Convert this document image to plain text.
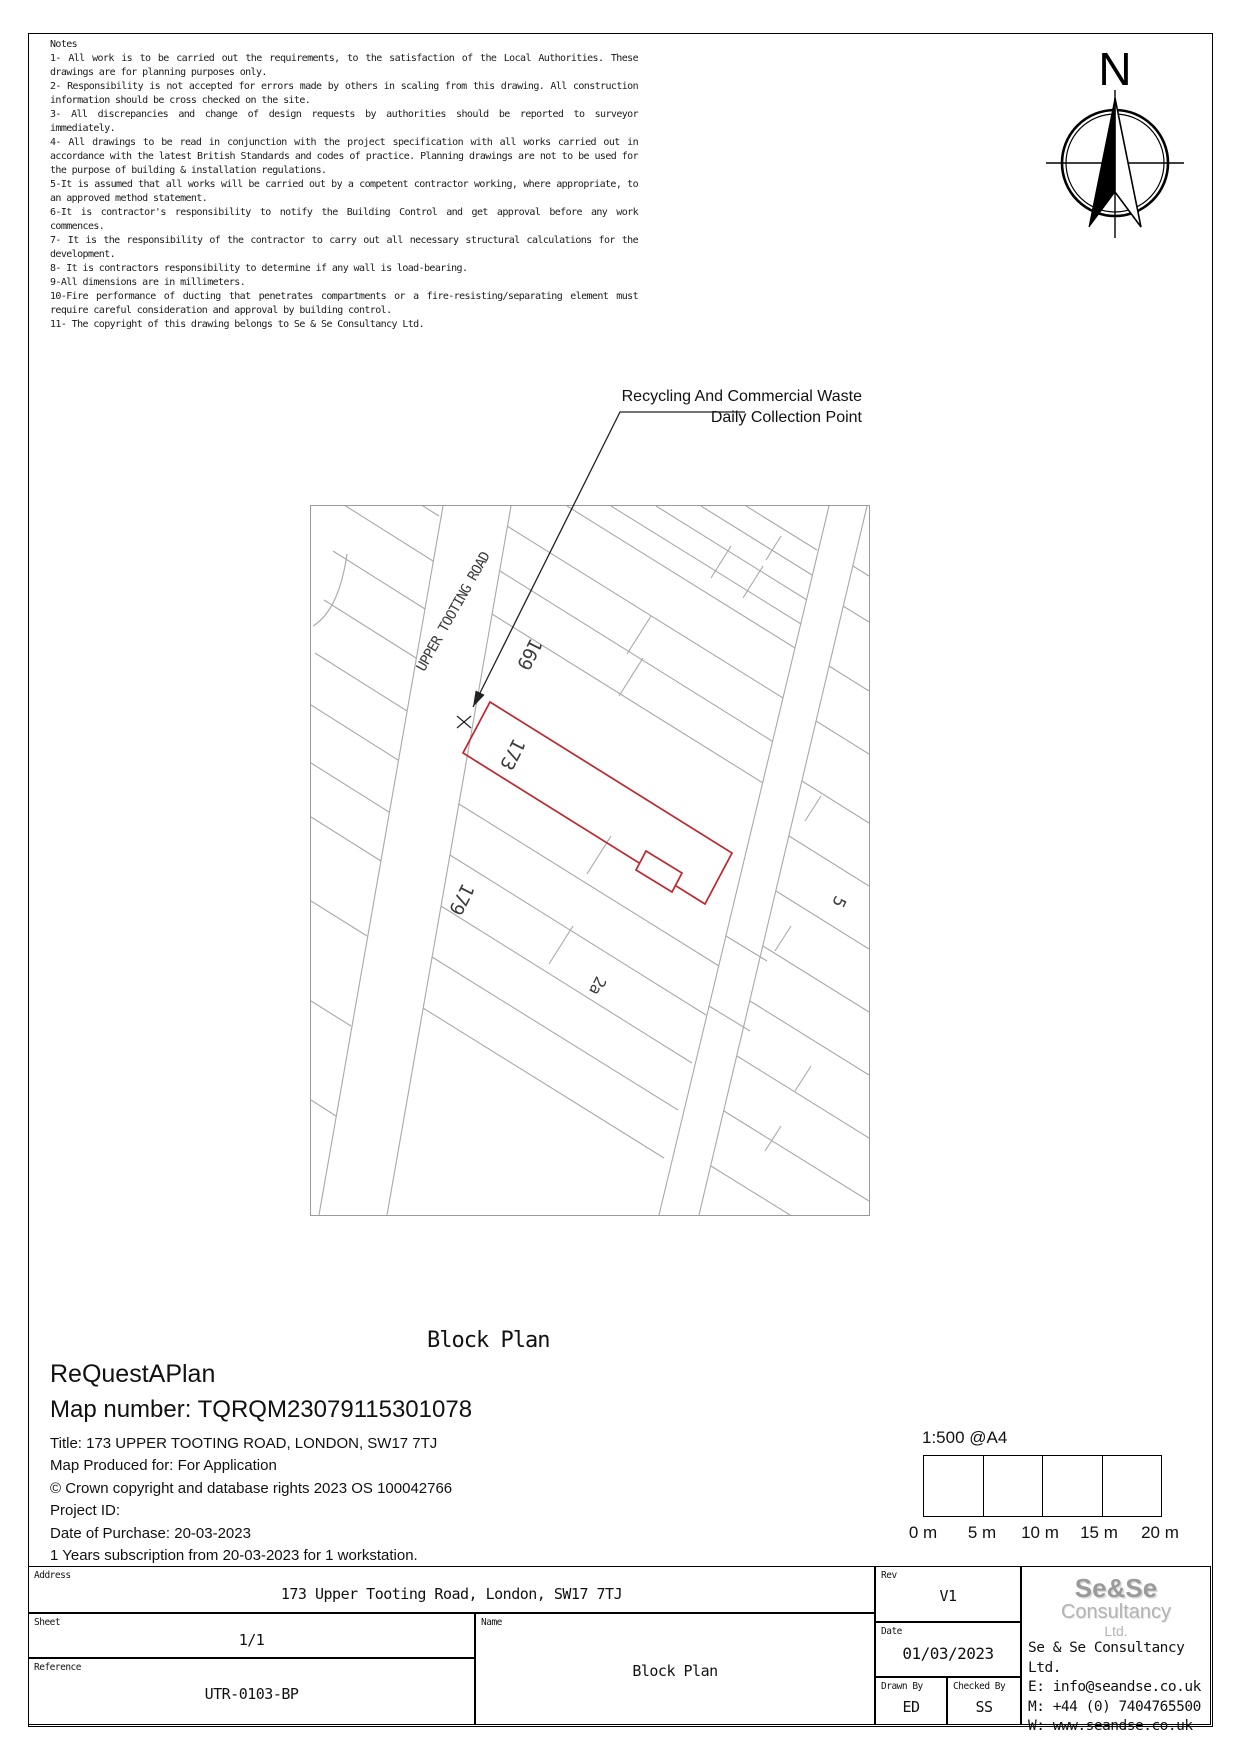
Notes
1- All work is to be carried out the requirements, to the satisfaction of the Local Authorities. These drawings are for planning purposes only.
2- Responsibility is not accepted for errors made by others in scaling from this drawing. All construction information should be cross checked on the site.
3- All discrepancies and change of design requests by authorities should be reported to surveyor immediately.
4- All drawings to be read in conjunction with the project specification with all works carried out in accordance with the latest British Standards and codes of practice. Planning drawings are not to be used for the purpose of building & installation regulations.
5-It is assumed that all works will be carried out by a competent contractor working, where appropriate, to an approved method statement.
6-It is contractor's responsibility to notify the Building Control and get approval before any work commences.
7- It is the responsibility of the contractor to carry out all necessary structural calculations for the development.
8- It is contractors responsibility to determine if any wall is load-bearing.
9-All dimensions are in millimeters.
10-Fire performance of ducting that penetrates compartments or a fire-resisting/separating element must require careful consideration and approval by building control.
11- The copyright of this drawing belongs to Se & Se Consultancy Ltd.
N
Recycling And Commercial Waste
Daily Collection Point
UPPER TOOTING ROAD 169
173
179	5
2a
Block Plan
ReQuestAPlan
Map number: TQRQM23079115301078
Title: 173 UPPER TOOTING ROAD, LONDON, SW17 7TJ
Map Produced for: For Application
© Crown copyright and database rights 2023 OS 100042766
Project ID:
Date of Purchase: 20-03-2023
1 Years subscription from 20-03-2023 for 1 workstation.
1:500 @A4
0 m	5 m	10 m	15 m	20 m
Address
173 Upper Tooting Road, London, SW17 7TJ
Sheet
1/1
Reference
UTR-0103-BP
Name
Block Plan
Rev
V1
Date
01/03/2023
Drawn By
ED
Checked By
SS
Se&Se
Consultancy
Ltd.
Se & Se Consultancy Ltd.
E: info@seandse.co.uk
M: +44 (0) 7404765500
W: www.seandse.co.uk
